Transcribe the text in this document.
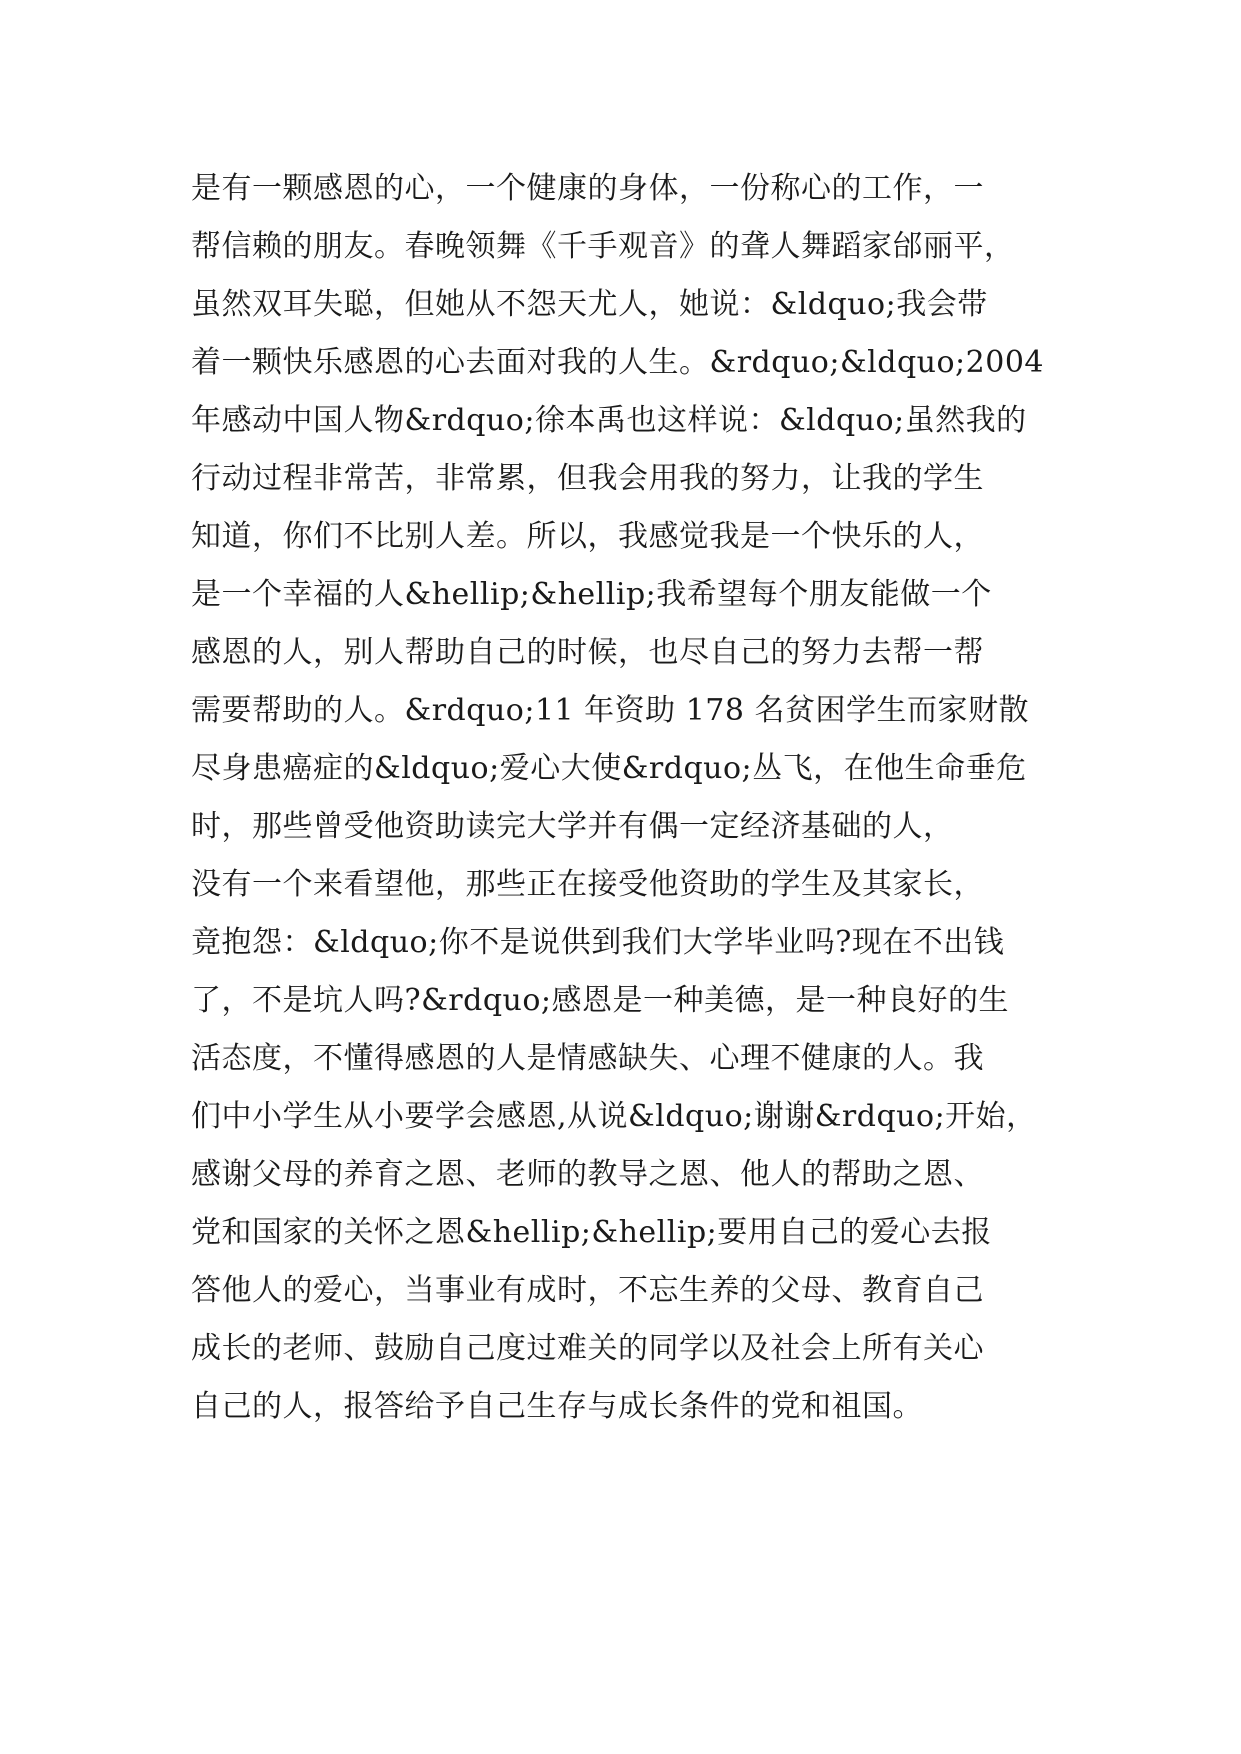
是有一颗感恩的心，一个健康的身体，一份称心的工作，一
帮信赖的朋友。春晚领舞《千手观音》的聋人舞蹈家邰丽平，
虽然双耳失聪，但她从不怨天尤人，她说：&ldquo;我会带
着一颗快乐感恩的心去面对我的人生。&rdquo;&ldquo;2004
年感动中国人物&rdquo;徐本禹也这样说：&ldquo;虽然我的
行动过程非常苦，非常累，但我会用我的努力，让我的学生
知道，你们不比别人差。所以，我感觉我是一个快乐的人，
是一个幸福的人&hellip;&hellip;我希望每个朋友能做一个
感恩的人，别人帮助自己的时候，也尽自己的努力去帮一帮
需要帮助的人。&rdquo;11 年资助 178 名贫困学生而家财散
尽身患癌症的&ldquo;爱心大使&rdquo;丛飞，在他生命垂危
时，那些曾受他资助读完大学并有偶一定经济基础的人，
没有一个来看望他，那些正在接受他资助的学生及其家长，
竟抱怨：&ldquo;你不是说供到我们大学毕业吗?现在不出钱
了，不是坑人吗?&rdquo;感恩是一种美德，是一种良好的生
活态度，不懂得感恩的人是情感缺失、心理不健康的人。我
们中小学生从小要学会感恩,从说&ldquo;谢谢&rdquo;开始，
感谢父母的养育之恩、老师的教导之恩、他人的帮助之恩、
党和国家的关怀之恩&hellip;&hellip;要用自己的爱心去报
答他人的爱心，当事业有成时，不忘生养的父母、教育自己
成长的老师、鼓励自己度过难关的同学以及社会上所有关心
自己的人，报答给予自己生存与成长条件的党和祖国。
